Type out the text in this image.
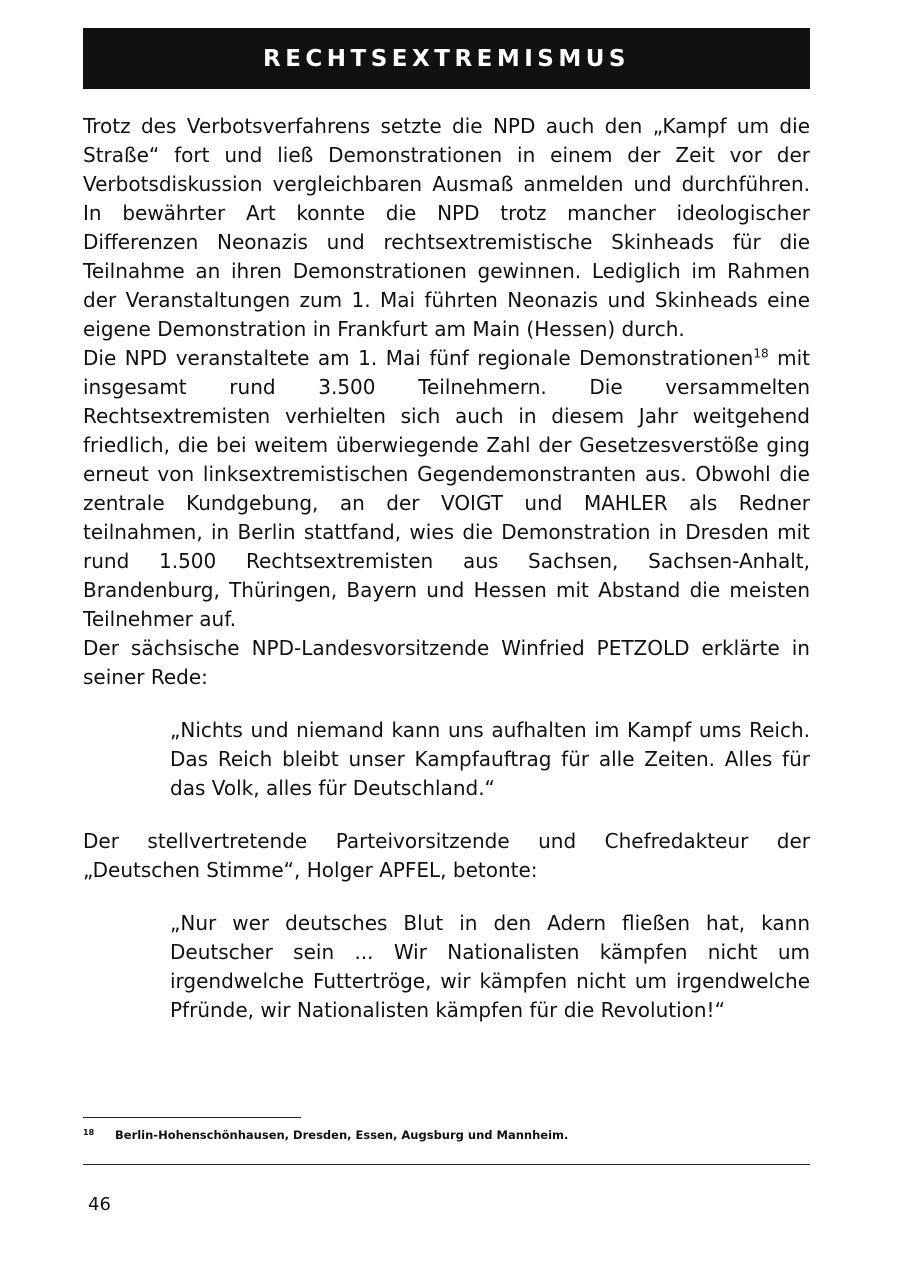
RECHTSEXTREMISMUS

Trotz des Verbotsverfahrens setzte die NPD auch den „Kampf um die Straße“ fort und ließ Demonstrationen in einem der Zeit vor der Verbotsdiskussion vergleichbaren Ausmaß anmelden und durchführen. In bewährter Art konnte die NPD trotz mancher ideologischer Differenzen Neonazis und rechtsextremistische Skinheads für die Teilnahme an ihren Demonstrationen gewinnen. Lediglich im Rahmen der Veranstaltungen zum 1. Mai führten Neonazis und Skinheads eine eigene Demonstration in Frankfurt am Main (Hessen) durch.

Die NPD veranstaltete am 1. Mai fünf regionale Demonstrationen$^{18}$ mit insgesamt rund 3.500 Teilnehmern. Die versammelten Rechtsextremisten verhielten sich auch in diesem Jahr weitgehend friedlich, die bei weitem überwiegende Zahl der Gesetzesverstöße ging erneut von linksextremistischen Gegendemonstranten aus. Obwohl die zentrale Kundgebung, an der VOIGT und MAHLER als Redner teilnahmen, in Berlin stattfand, wies die Demonstration in Dresden mit rund 1.500 Rechtsextremisten aus Sachsen, Sachsen-Anhalt, Brandenburg, Thüringen, Bayern und Hessen mit Abstand die meisten Teilnehmer auf.

Der sächsische NPD-Landesvorsitzende Winfried PETZOLD erklärte in seiner Rede:

„Nichts und niemand kann uns aufhalten im Kampf ums Reich. Das Reich bleibt unser Kampfauftrag für alle Zeiten. Alles für das Volk, alles für Deutschland.“

Der stellvertretende Parteivorsitzende und Chefredakteur der „Deutschen Stimme“, Holger APFEL, betonte:

„Nur wer deutsches Blut in den Adern fließen hat, kann Deutscher sein ... Wir Nationalisten kämpfen nicht um irgendwelche Futtertröge, wir kämpfen nicht um irgendwelche Pfründe, wir Nationalisten kämpfen für die Revolution!“

18	Berlin-Hohenschönhausen, Dresden, Essen, Augsburg und Mannheim.
46
